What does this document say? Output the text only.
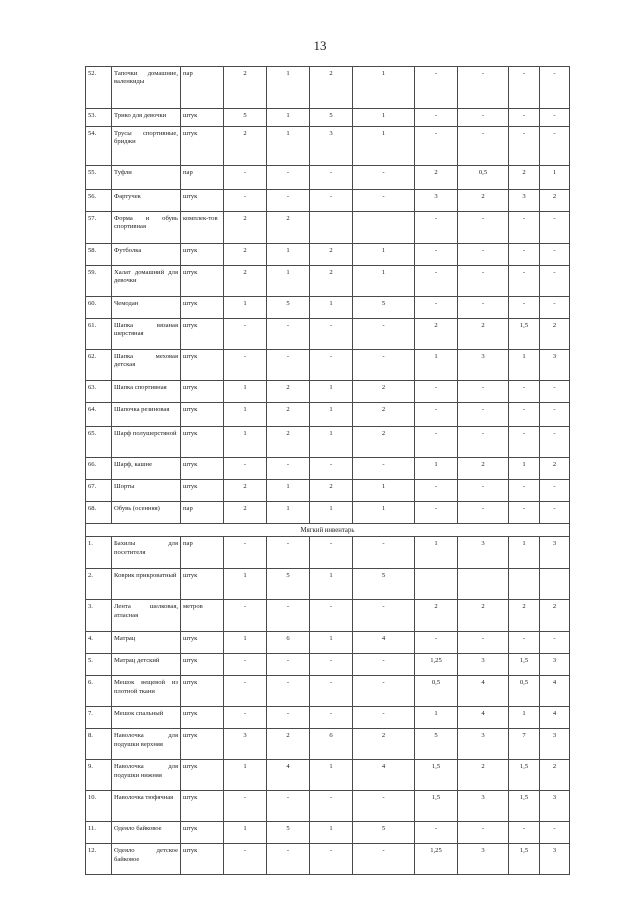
13
52.	Тапочки домашние, валенкиды	пар	2	1	2	1	-	-	-	-
53.	Трико для девочки	штук	5	1	5	1	-	-	-	-
54.	Трусы спортивные, бриджи	штук	2	1	3	1	-	-	-	-
55.	Туфли	пар	-	-	-	-	2	0,5	2	1
56.	Фартучек	штук	-	-	-	-	3	2	3	2
57.	Форма и обувь спортивная	комплек-тов	2	2			-	-	-	-
58.	Футболка	штук	2	1	2	1	-	-	-	-
59.	Халат домашний для девочки	штук	2	1	2	1	-	-	-	-
60.	Чемодан	штук	1	5	1	5	-	-	-	-
61.	Шапка вязаная шерстяная	штук	-	-	-	-	2	2	1,5	2
62.	Шапка меховая детская	штук	-	-	-	-	1	3	1	3
63.	Шапка спортивная	штук	1	2	1	2	-	-	-	-
64.	Шапочка резиновая	штук	1	2	1	2	-	-	-	-
65.	Шарф полушерстяной	штук	1	2	1	2	-	-	-	-
66.	Шарф, кашне	штук	-	-	-	-	1	2	1	2
67.	Шорты	штук	2	1	2	1	-	-	-	-
68.	Обувь (осенняя)	пар	2	1	1	1	-	-	-	-
Мягкий инвентарь										
1.	Бахилы для посетителя	пар	-	-	-	-	1	3	1	3
2.	Коврик прикроватный	штук	1	5	1	5				
3.	Лента шелковая, атласная	метров	-	-	-	-	2	2	2	2
4.	Матрац	штук	1	6	1	4	-	-	-	-
5.	Матрац детский	штук	-	-	-	-	1,25	3	1,5	3
6.	Мешок вещевой из плотной ткани	штук	-	-	-	-	0,5	4	0,5	4
7.	Мешок спальный	штук	-	-	-	-	1	4	1	4
8.	Наволочка для подушки верхняя	штук	3	2	6	2	5	3	7	3
9.	Наволочка для подушки нижняя	штук	1	4	1	4	1,5	2	1,5	2
10.	Наволочка тюфячная	штук	-	-	-	-	1,5	3	1,5	3
11.	Одеяло байковое	штук	1	5	1	5	-	-	-	-
12.	Одеяло детское байковое	штук	-	-	-	-	1,25	3	1,5	3
